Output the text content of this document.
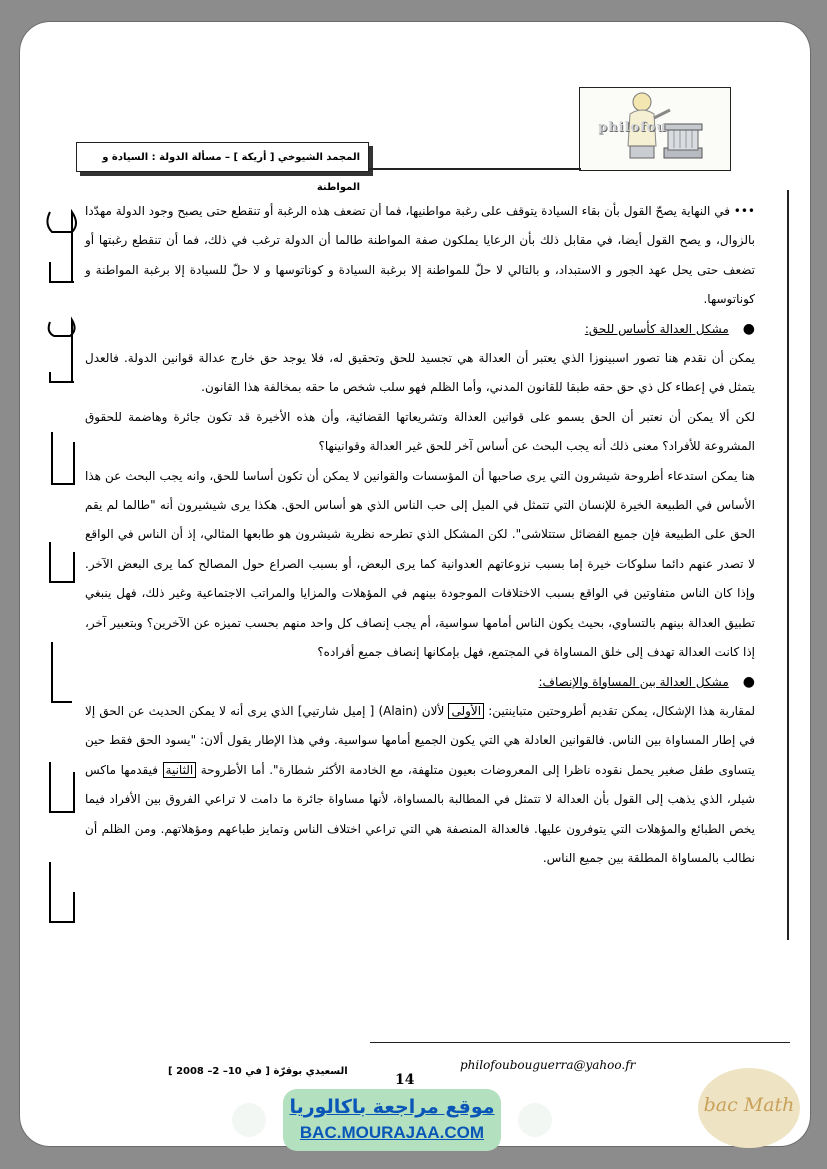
philofou
المجمد الشيوخي [ أريكة ] – مسألة الدولة : السيادة و المواطنة
philofoubouguerra@yahoo.fr
14
السعيدي بوقرّة [ في 10– 2– 2008 ]

••• في النهاية يصحّ القول بأن بقاء السيادة يتوقف على رغبة مواطنيها، فما أن تضعف هذه الرغبة أو تنقطع حتى يصبح وجود الدولة مهدّدا بالزوال، و يصح القول أيضا، في مقابل ذلك بأن الرعايا يملكون صفة المواطنة طالما أن الدولة ترغب في ذلك، فما أن تنقطع رغبتها أو تضعف حتى يحل عهد الجور و الاستبداد، و بالتالي لا حلّ للمواطنة إلا برغبة السيادة و كوناتوسها و لا حلّ للسيادة إلا برغبة المواطنة و كوناتوسها.

●
مشكل العدالة كأساس للحق:

يمكن أن نقدم هنا تصور اسبينوزا الذي يعتبر أن العدالة هي تجسيد للحق وتحقيق له، فلا يوجد حق خارج عدالة قوانين الدولة. فالعدل يتمثل في إعطاء كل ذي حق حقه طبقا للقانون المدني، وأما الظلم فهو سلب شخص ما حقه بمخالفة هذا القانون.

لكن ألا يمكن أن نعتبر أن الحق يسمو على قوانين العدالة وتشريعاتها القضائية، وأن هذه الأخيرة قد تكون جائرة وهاضمة للحقوق المشروعة للأفراد؟ معنى ذلك أنه يجب البحث عن أساس آخر للحق غير العدالة وقوانينها؟

هنا يمكن استدعاء أطروحة شيشرون التي يرى صاحبها أن المؤسسات والقوانين لا يمكن أن تكون أساسا للحق، وانه يجب البحث عن هذا الأساس في الطبيعة الخيرة للإنسان التي تتمثل في الميل إلى حب الناس الذي هو أساس الحق. هكذا يرى شيشيرون أنه "طالما لم يقم الحق على الطبيعة فإن جميع الفضائل ستتلاشى". لكن المشكل الذي تطرحه نظرية شيشرون هو طابعها المثالي، إذ أن الناس في الواقع لا تصدر عنهم دائما سلوكات خيرة إما بسبب نزوعاتهم العدوانية كما يرى البعض، أو بسبب الصراع حول المصالح كما يرى البعض الآخر. وإذا كان الناس متفاوتين في الواقع بسبب الاختلافات الموجودة بينهم في المؤهلات والمزايا والمراتب الاجتماعية وغير ذلك، فهل ينبغي تطبيق العدالة بينهم بالتساوي، بحيث يكون الناس أمامها سواسية، أم يجب إنصاف كل واحد منهم بحسب تميزه عن الآخرين؟ وبتعبير آخر، إذا كانت العدالة تهدف إلى خلق المساواة في المجتمع، فهل بإمكانها إنصاف جميع أفراده؟

●
مشكل العدالة بين المساواة والإنصاف:

لمقاربة هذا الإشكال، يمكن تقديم أطروحتين متباينتين: الأولى لألان (Alain) [ إميل شارتيي] الذي يرى أنه لا يمكن الحديث عن الحق إلا في إطار المساواة بين الناس. فالقوانين العادلة هي التي يكون الجميع أمامها سواسية. وفي هذا الإطار يقول ألان: "يسود الحق فقط حين يتساوى طفل صغير يحمل نقوده ناظرا إلى المعروضات بعيون متلهفة، مع الخادمة الأكثر شطارة". أما الأطروحة الثانية فيقدمها ماكس شيلر، الذي يذهب إلى القول بأن العدالة لا تتمثل في المطالبة بالمساواة، لأنها مساواة جائرة ما دامت لا تراعي الفروق بين الأفراد فيما يخص الطبائع والمؤهلات التي يتوفرون عليها. فالعدالة المنصفة هي التي تراعي اختلاف الناس وتمايز طباعهم ومؤهلاتهم. ومن الظلم أن نطالب بالمساواة المطلقة بين جميع الناس.

موقع مراجعة باكالوريا
BAC.MOURAJAA.COM
bac Math
